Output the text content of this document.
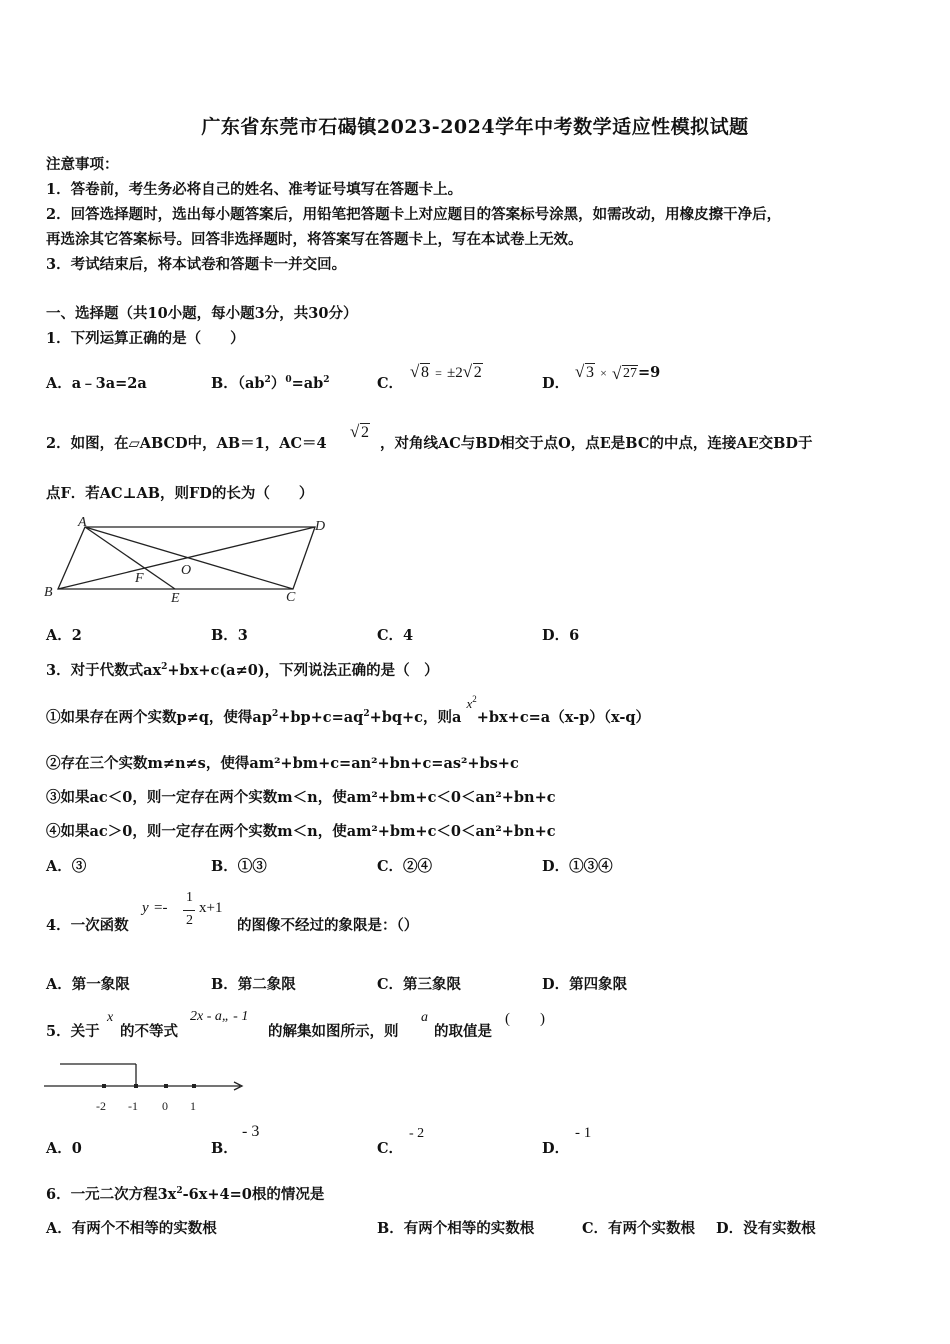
广东省东莞市石碣镇2023-2024学年中考数学适应性模拟试题
注意事项：
1．答卷前，考生务必将自己的姓名、准考证号填写在答题卡上。
2．回答选择题时，选出每小题答案后，用铅笔把答题卡上对应题目的答案标号涂黑，如需改动，用橡皮擦干净后，
再选涂其它答案标号。回答非选择题时，将答案写在答题卡上，写在本试卷上无效。
3．考试结束后，将本试卷和答题卡一并交回。
一、选择题（共10小题，每小题3分，共30分）
1．下列运算正确的是（　　）
A．a﹣3a=2a	B．$(ab^2)^0=ab^2$	C．
√ 8 = ±2 √ 2
D．
√ 3 × √ 27=9
2．如图，在▱ABCD中，AB＝1，AC＝4
√ 2
，对角线AC与BD相交于点O，点E是BC的中点，连接AE交BD于
点F．若AC⊥AB，则FD的长为（　　）
A	D
B	C
O
F
E
A．2	B．3	C．4	D．6
3．对于代数式$ax^2+bx+c(a\ne 0)$，下列说法正确的是（　）
①如果存在两个实数p≠q，使得$ap^2+bp+c=aq^2+bq+c$，则a $x^2+bx+c=a(x-p)(x-q)$
②存在三个实数m≠n≠s，使得am²+bm+c=an²+bn+c=as²+bs+c
③如果ac＜0，则一定存在两个实数m＜n，使am²+bm+c＜0＜an²+bn+c
④如果ac＞0，则一定存在两个实数m＜n，使am²+bm+c＜0＜an²+bn+c
A．③	B．①③	C．②④	D．①③④
4．一次函数
y =-
1
2
x+1
的图像不经过的象限是：（）
A．第一象限	B．第二象限	C．第三象限	D．第四象限
5．关于
x
的不等式
2x - a„ - 1
的解集如图所示，则
a
的取值是
(　　)
-2 -1 0 1
A．0	B．
- 3
C．
- 2
D．
- 1
6．一元二次方程$3x^2-6x+4=0$根的情况是
A．有两个不相等的实数根	B．有两个相等的实数根	C．有两个实数根 D．没有实数根
